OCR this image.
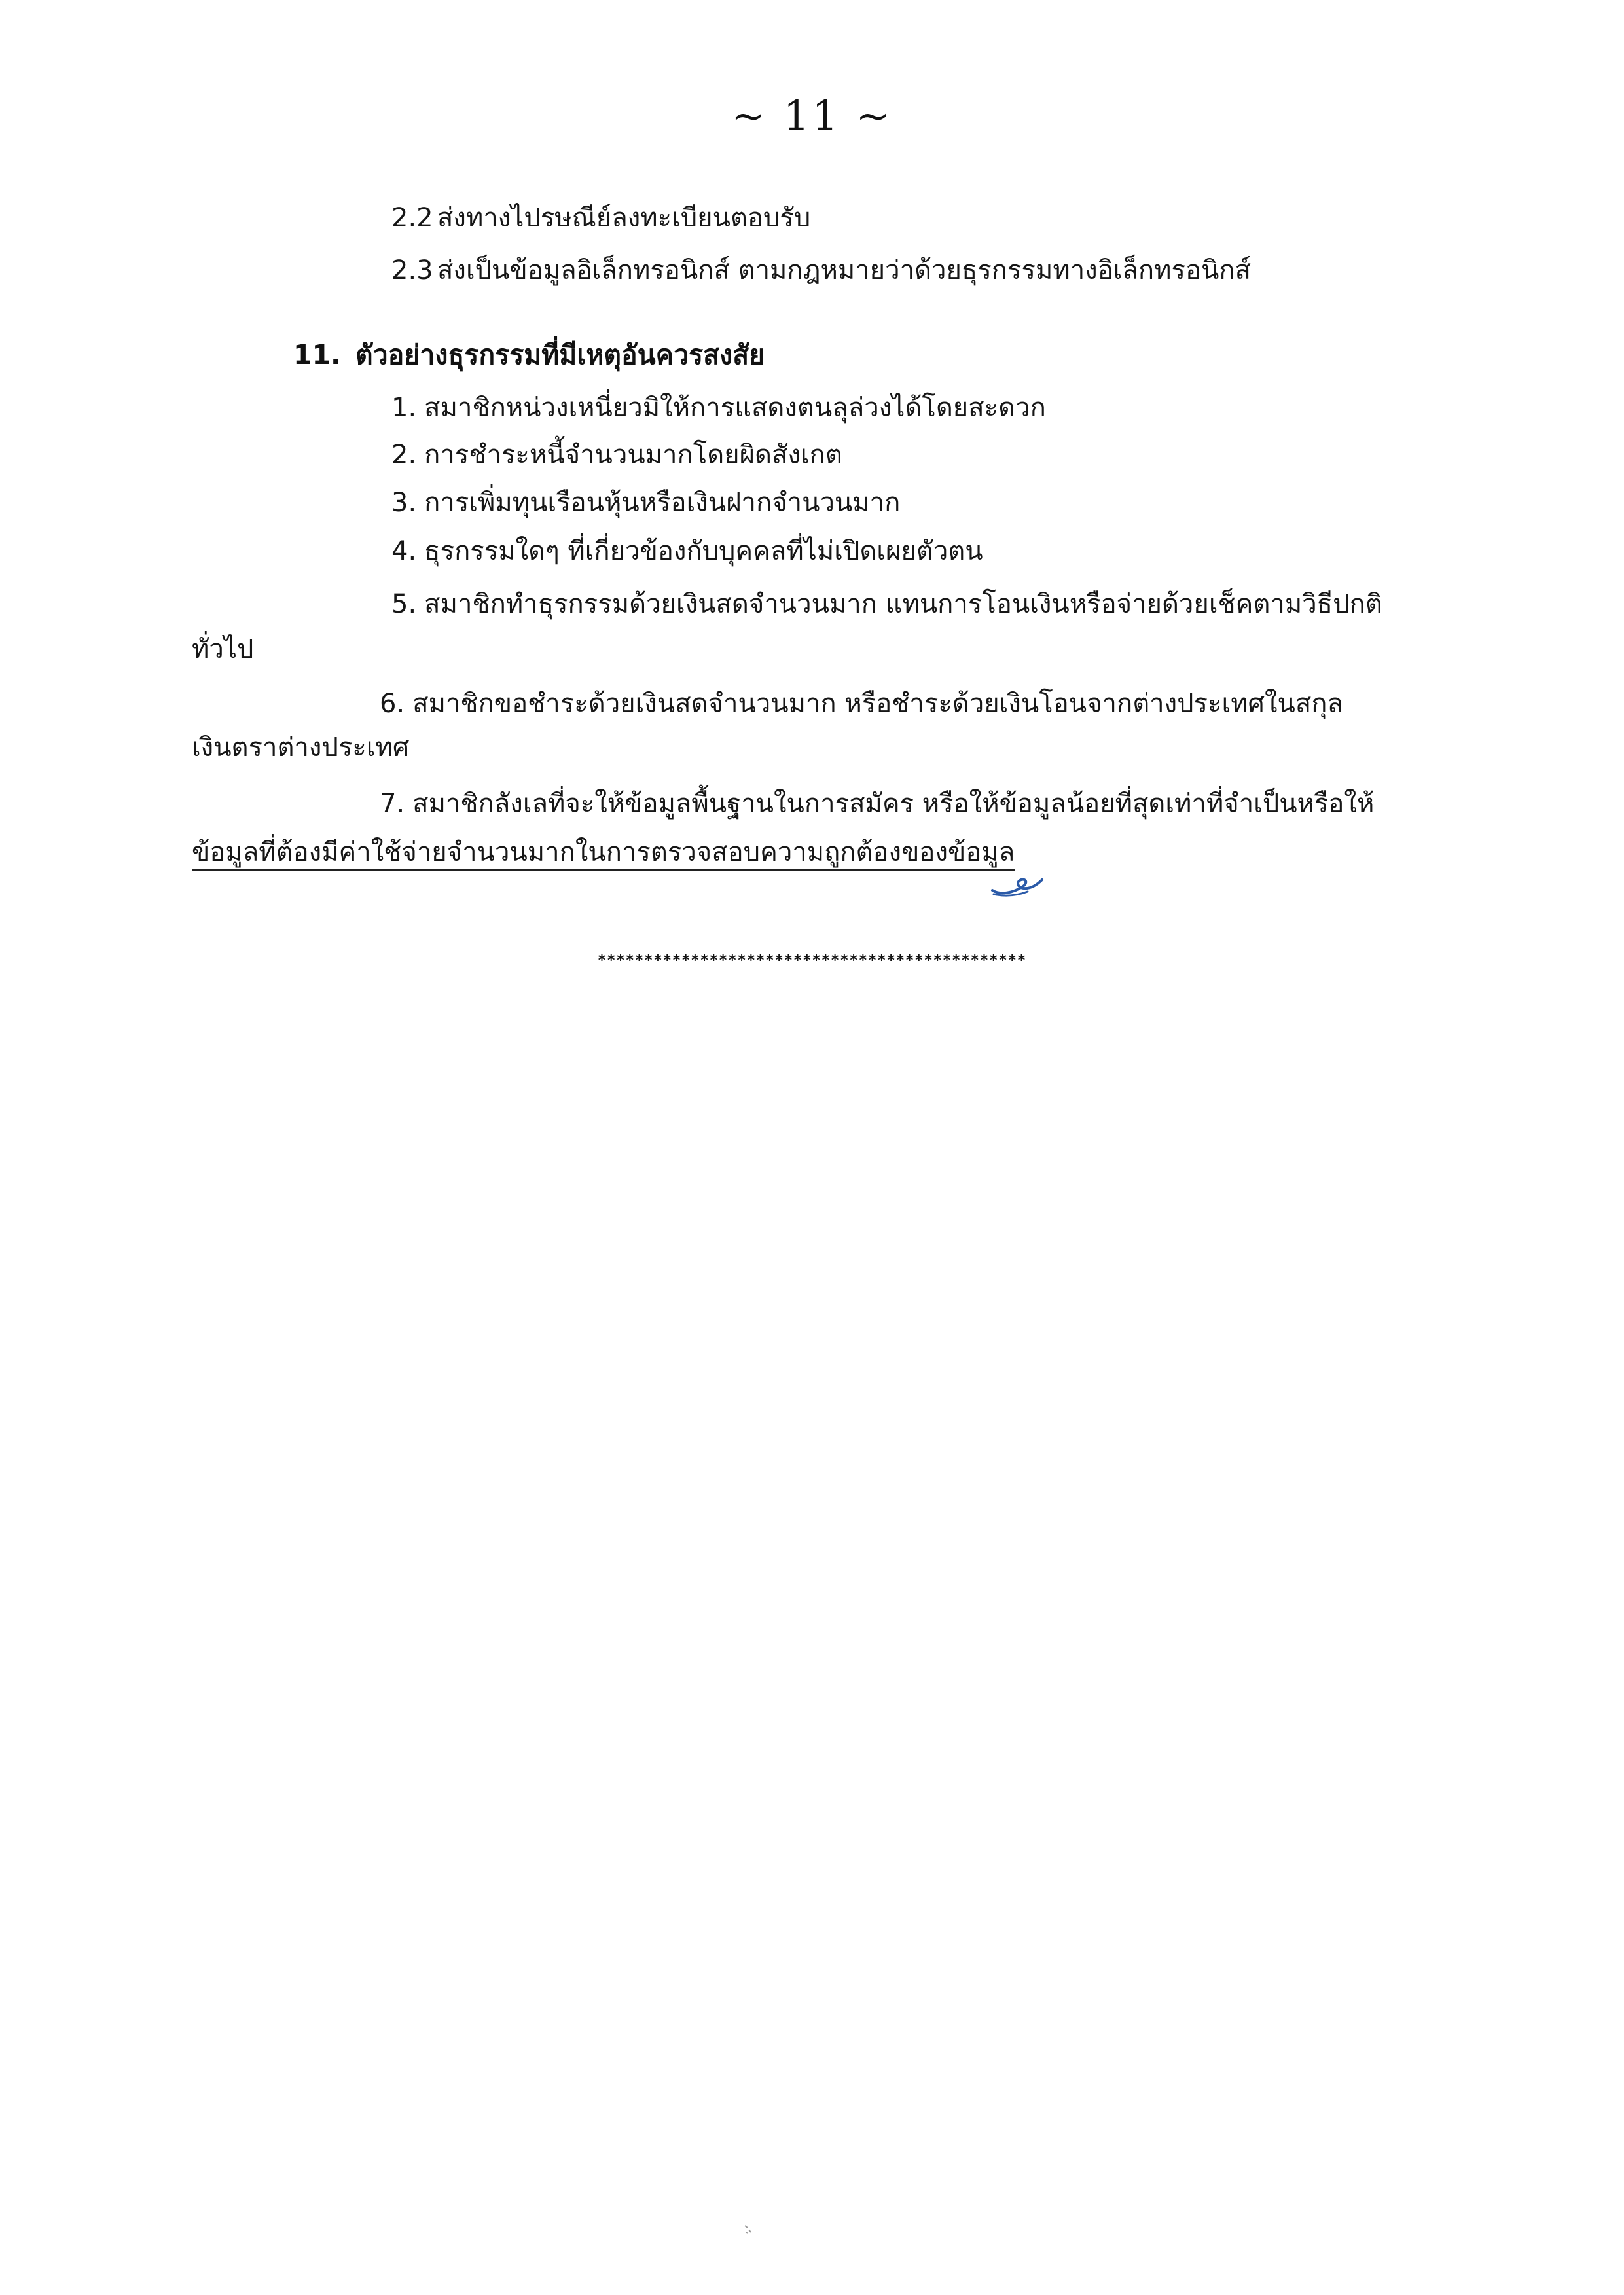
~ 11 ~
2.2 ส่งทางไปรษณีย์ลงทะเบียนตอบรับ
2.3 ส่งเป็นข้อมูลอิเล็กทรอนิกส์ ตามกฎหมายว่าด้วยธุรกรรมทางอิเล็กทรอนิกส์
11. ตัวอย่างธุรกรรมที่มีเหตุอันควรสงสัย
1. สมาชิกหน่วงเหนี่ยวมิให้การแสดงตนลุล่วงได้โดยสะดวก
2. การชำระหนี้จำนวนมากโดยผิดสังเกต
3. การเพิ่มทุนเรือนหุ้นหรือเงินฝากจำนวนมาก
4. ธุรกรรมใดๆ ที่เกี่ยวข้องกับบุคคลที่ไม่เปิดเผยตัวตน
5. สมาชิกทำธุรกรรมด้วยเงินสดจำนวนมาก แทนการโอนเงินหรือจ่ายด้วยเช็คตามวิธีปกติ
ทั่วไป
6. สมาชิกขอชำระด้วยเงินสดจำนวนมาก หรือชำระด้วยเงินโอนจากต่างประเทศในสกุล
เงินตราต่างประเทศ
7. สมาชิกลังเลที่จะให้ข้อมูลพื้นฐานในการสมัคร หรือให้ข้อมูลน้อยที่สุดเท่าที่จำเป็นหรือให้
ข้อมูลที่ต้องมีค่าใช้จ่ายจำนวนมากในการตรวจสอบความถูกต้องของข้อมูล
**********************************************
